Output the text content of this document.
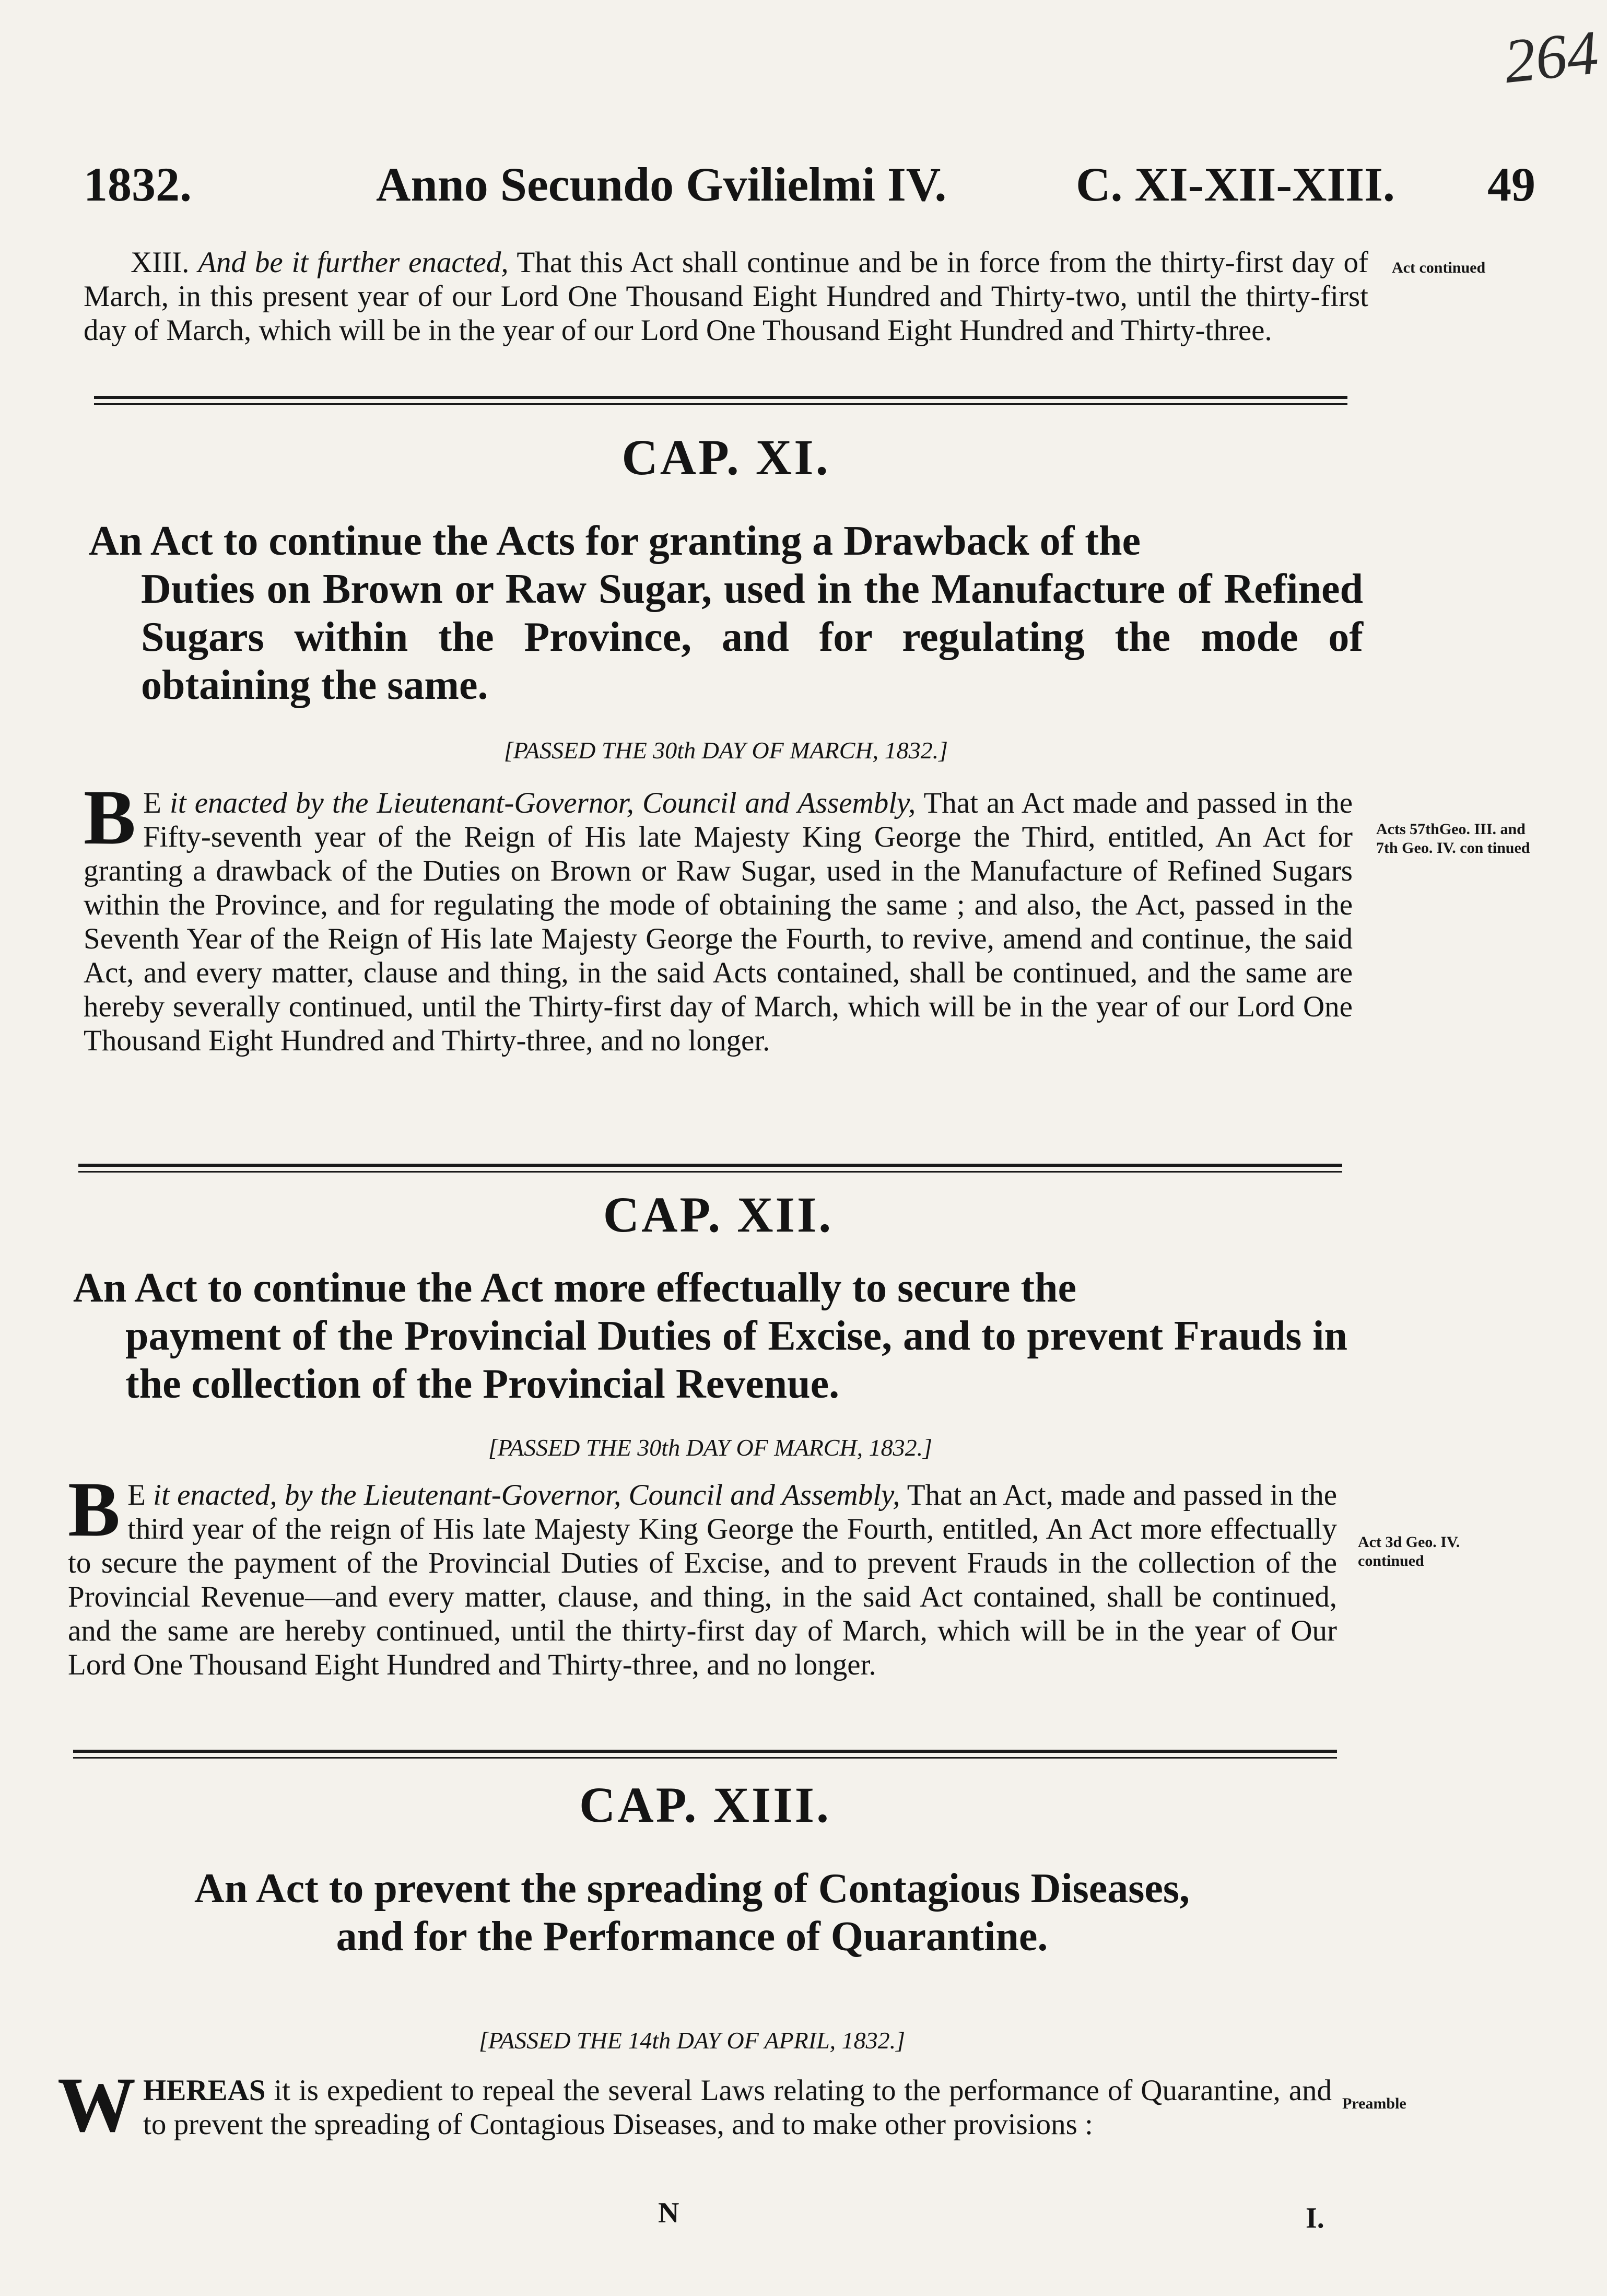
264
1832.	Anno Secundo Gvilielmi IV.	C. XI-XII-XIII. 49
XIII. And be it further enacted, That this Act shall continue and be in force from the thirty-first day of March, in this present year of our Lord One Thousand Eight Hundred and Thirty-two, until the thirty-first day of March, which will be in the year of our Lord One Thousand Eight Hundred and Thirty-three.
Act continued
CAP. XI.
An Act to continue the Acts for granting a Drawback of the
Duties on Brown or Raw Sugar, used in the Manufacture of Refined Sugars within the Province, and for regulating the mode of obtaining the same.
[PASSED THE 30th DAY OF MARCH, 1832.]
B E it enacted by the Lieutenant-Governor, Council and Assembly, That an Act made and passed in the Fifty-seventh year of the Reign of His late Majesty King George the Third, entitled, An Act for granting a drawback of the Duties on Brown or Raw Sugar, used in the Manufacture of Refined Sugars within the Province, and for regulating the mode of obtaining the same ; and also, the Act, passed in the Seventh Year of the Reign of His late Majesty George the Fourth, to revive, amend and continue, the said Act, and every matter, clause and thing, in the said Acts contained, shall be continued, and the same are hereby severally continued, until the Thirty-first day of March, which will be in the year of our Lord One Thousand Eight Hundred and Thirty-three, and no longer.
Acts 57thGeo. III. and 7th Geo. IV. con tinued
CAP. XII.
An Act to continue the Act more effectually to secure the
payment of the Provincial Duties of Excise, and to prevent Frauds in the collection of the Provincial Revenue.
[PASSED THE 30th DAY OF MARCH, 1832.]
B E it enacted, by the Lieutenant-Governor, Council and Assembly, That an Act, made and passed in the third year of the reign of His late Majesty King George the Fourth, entitled, An Act more effectually to secure the payment of the Provincial Duties of Excise, and to prevent Frauds in the collection of the Provincial Revenue—and every matter, clause, and thing, in the said Act contained, shall be continued, and the same are hereby continued, until the thirty-first day of March, which will be in the year of Our Lord One Thousand Eight Hundred and Thirty-three, and no longer.
Act 3d Geo. IV. continued
CAP. XIII.
An Act to prevent the spreading of Contagious Diseases,
and for the Performance of Quarantine.
[PASSED THE 14th DAY OF APRIL, 1832.]
WHEREAS it is expedient to repeal the several Laws relating to the performance of Quarantine, and to prevent the spreading of Contagious Diseases, and to make other provisions :
Preamble
N	I.
